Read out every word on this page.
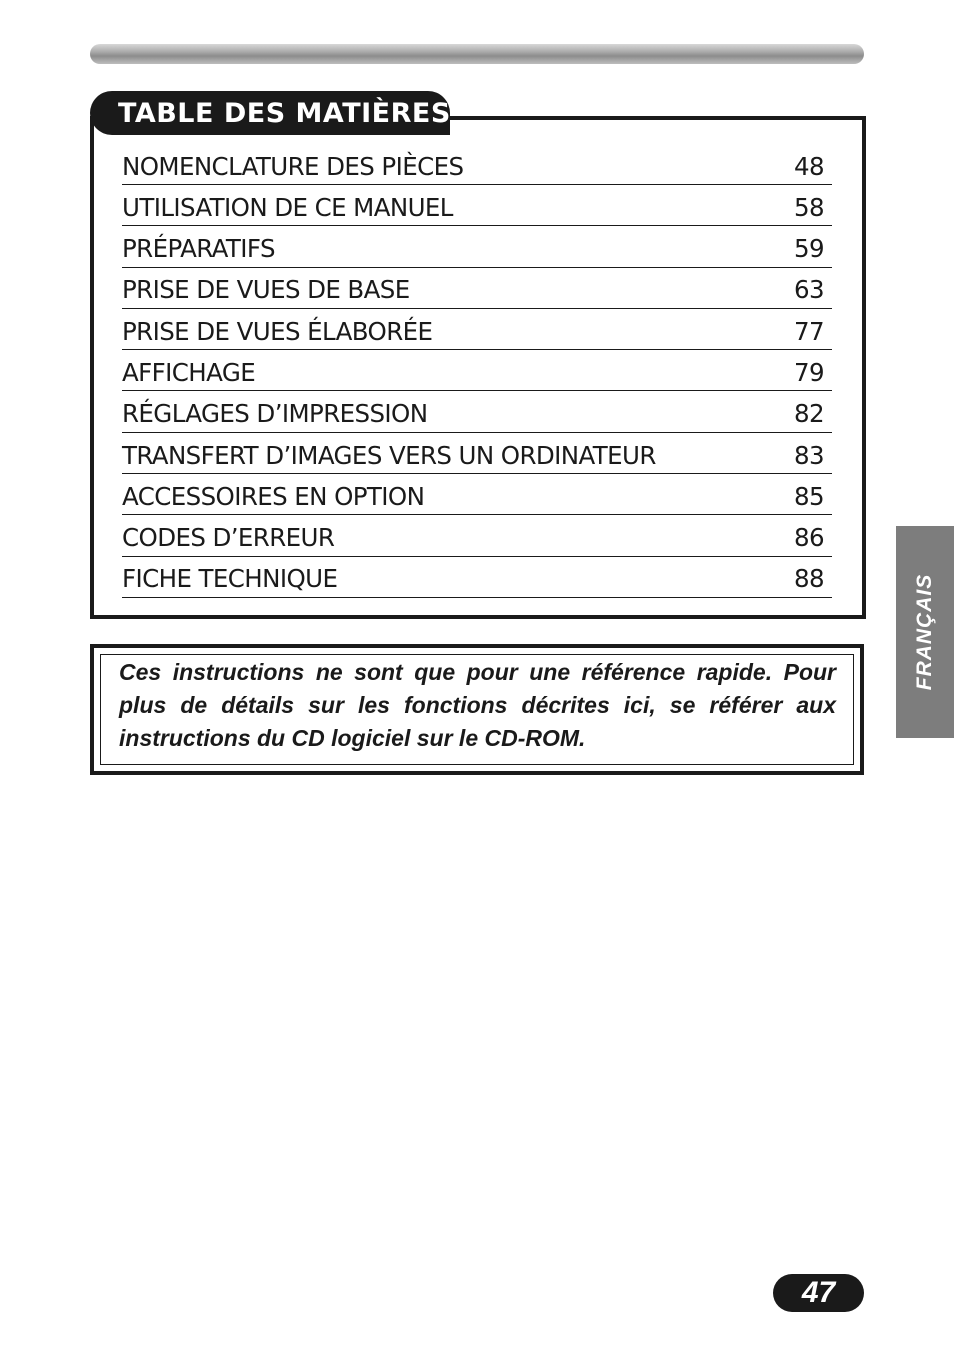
TABLE DES MATIÈRES
NOMENCLATURE DES PIÈCES	48
UTILISATION DE CE MANUEL	58
PRÉPARATIFS	59
PRISE DE VUES DE BASE	63
PRISE DE VUES ÉLABORÉE	77
AFFICHAGE	79
RÉGLAGES D’IMPRESSION	82
TRANSFERT D’IMAGES VERS UN ORDINATEUR	83
ACCESSOIRES EN OPTION	85
CODES D’ERREUR	86
FICHE TECHNIQUE	88

Ces instructions ne sont que pour une référence rapide. Pour plus de détails sur les fonctions décrites ici, se référer aux instructions du CD logiciel sur le CD-ROM.

FRANÇAIS
47
